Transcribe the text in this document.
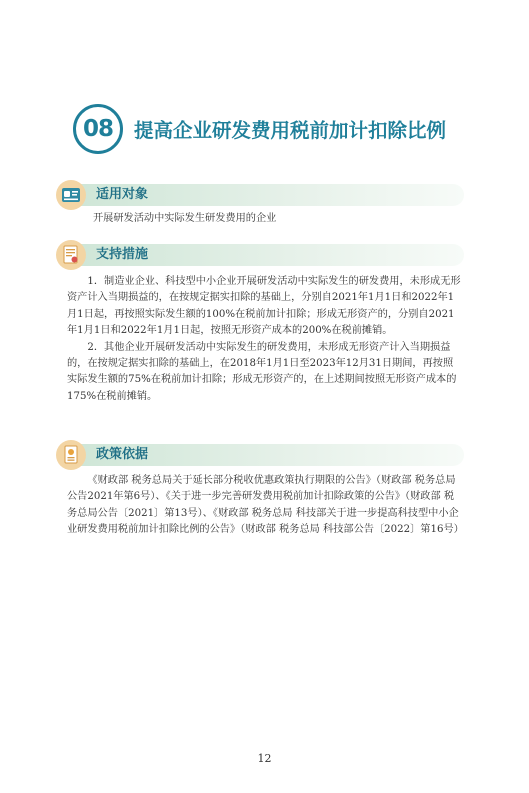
08	提高企业研发费用税前加计扣除比例
适用对象
开展研发活动中实际发生研发费用的企业
支持措施

1．制造业企业、科技型中小企业开展研发活动中实际发生的研发费用，未形成无形资产计入当期损益的，在按规定据实扣除的基础上，分别自2021年1月1日和2022年1月1日起，再按照实际发生额的100%在税前加计扣除；形成无形资产的，分别自2021年1月1日和2022年1月1日起，按照无形资产成本的200%在税前摊销。

2．其他企业开展研发活动中实际发生的研发费用，未形成无形资产计入当期损益的，在按规定据实扣除的基础上，在2018年1月1日至2023年12月31日期间，再按照实际发生额的75%在税前加计扣除；形成无形资产的，在上述期间按照无形资产成本的175%在税前摊销。

政策依据

《财政部 税务总局关于延长部分税收优惠政策执行期限的公告》（财政部 税务总局公告2021年第6号）、《关于进一步完善研发费用税前加计扣除政策的公告》（财政部 税务总局公告〔2021〕第13号）、《财政部 税务总局 科技部关于进一步提高科技型中小企业研发费用税前加计扣除比例的公告》（财政部 税务总局 科技部公告〔2022〕第16号）

12
